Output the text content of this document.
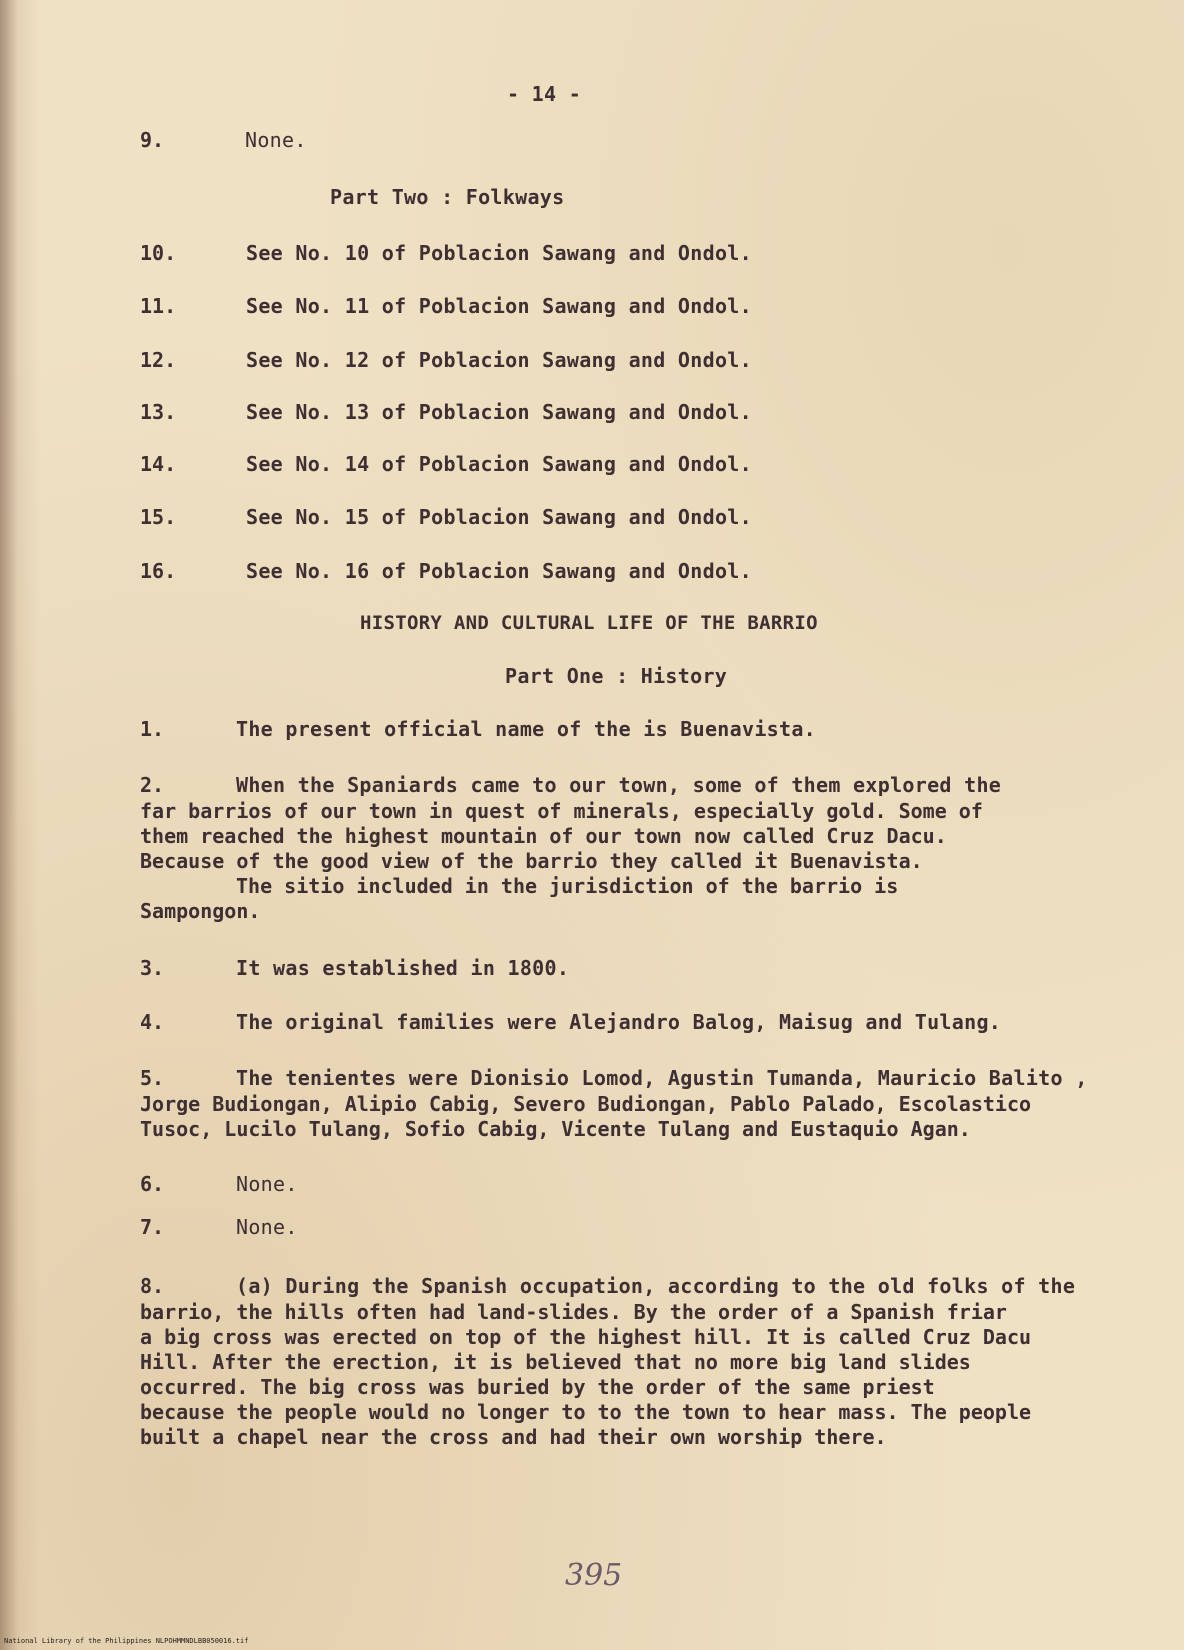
- 14 -
9.	None.
Part Two : Folkways
10.	See No. 10 of Poblacion Sawang and Ondol.
11.	See No. 11 of Poblacion Sawang and Ondol.
12.	See No. 12 of Poblacion Sawang and Ondol.
13.	See No. 13 of Poblacion Sawang and Ondol.
14.	See No. 14 of Poblacion Sawang and Ondol.
15.	See No. 15 of Poblacion Sawang and Ondol.
16.	See No. 16 of Poblacion Sawang and Ondol.
HISTORY AND CULTURAL LIFE OF THE BARRIO
Part One : History
1.	The present official name of the is Buenavista.
2.	When the Spaniards came to our town, some of them explored the
far barrios of our town in quest of minerals, especially gold. Some of
them reached the highest mountain of our town now called Cruz Dacu.
Because of the good view of the barrio they called it Buenavista.
The sitio included in the jurisdiction of the barrio is
Sampongon.
3.	It was established in 1800.
4.	The original families were Alejandro Balog, Maisug and Tulang.
5.	The tenientes were Dionisio Lomod, Agustin Tumanda, Mauricio Balito ,
Jorge Budiongan, Alipio Cabig, Severo Budiongan, Pablo Palado, Escolastico
Tusoc, Lucilo Tulang, Sofio Cabig, Vicente Tulang and Eustaquio Agan.
6.	None.
7.	None.
8.	(a) During the Spanish occupation, according to the old folks of the
barrio, the hills often had land-slides. By the order of a Spanish friar
a big cross was erected on top of the highest hill. It is called Cruz Dacu
Hill. After the erection, it is believed that no more big land slides
occurred. The big cross was buried by the order of the same priest
because the people would no longer to to the town to hear mass. The people
built a chapel near the cross and had their own worship there.
395
National Library of the Philippines NLPOHMMNDLBB050016.tif
